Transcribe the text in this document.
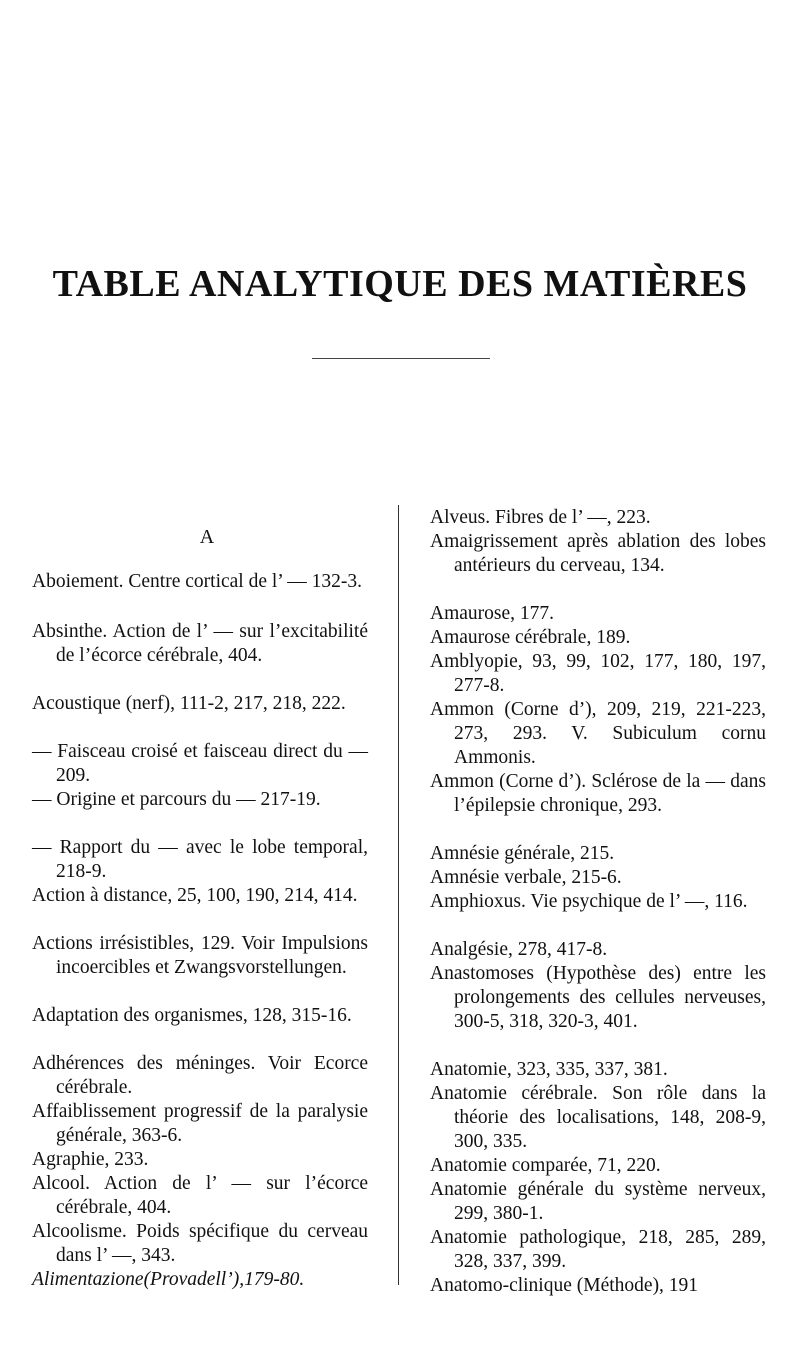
TABLE ANALYTIQUE DES MATIÈRES
A
Aboiement. Centre cortical de l’ — 132-3.
Absinthe. Action de l’ — sur l’excitabilité de l’écorce cérébrale, 404.
Acoustique (nerf), 111-2, 217, 218, 222.
— Faisceau croisé et faisceau direct du — 209.
— Origine et parcours du — 217-19.
— Rapport du — avec le lobe temporal, 218-9.
Action à distance, 25, 100, 190, 214, 414.
Actions irrésistibles, 129. Voir Impulsions incoercibles et Zwangsvorstellungen.
Adaptation des organismes, 128, 315-16.
Adhérences des méninges. Voir Ecorce cérébrale.
Affaiblissement progressif de la paralysie générale, 363-6.
Agraphie, 233.
Alcool. Action de l’ — sur l’écorce cérébrale, 404.
Alcoolisme. Poids spécifique du cerveau dans l’ —, 343.
Alimentazione(Provadell’),179-80.
Alveus. Fibres de l’ —, 223.
Amaigrissement après ablation des lobes antérieurs du cerveau, 134.
Amaurose, 177.
Amaurose cérébrale, 189.
Amblyopie, 93, 99, 102, 177, 180, 197, 277-8.
Ammon (Corne d’), 209, 219, 221-223, 273, 293. V. Subiculum cornu Ammonis.
Ammon (Corne d’). Sclérose de la — dans l’épilepsie chronique, 293.
Amnésie générale, 215.
Amnésie verbale, 215-6.
Amphioxus. Vie psychique de l’ —, 116.
Analgésie, 278, 417-8.
Anastomoses (Hypothèse des) entre les prolongements des cellules nerveuses, 300-5, 318, 320-3, 401.
Anatomie, 323, 335, 337, 381.
Anatomie cérébrale. Son rôle dans la théorie des localisations, 148, 208-9, 300, 335.
Anatomie comparée, 71, 220.
Anatomie générale du système nerveux, 299, 380-1.
Anatomie pathologique, 218, 285, 289, 328, 337, 399.
Anatomo-clinique (Méthode), 191
